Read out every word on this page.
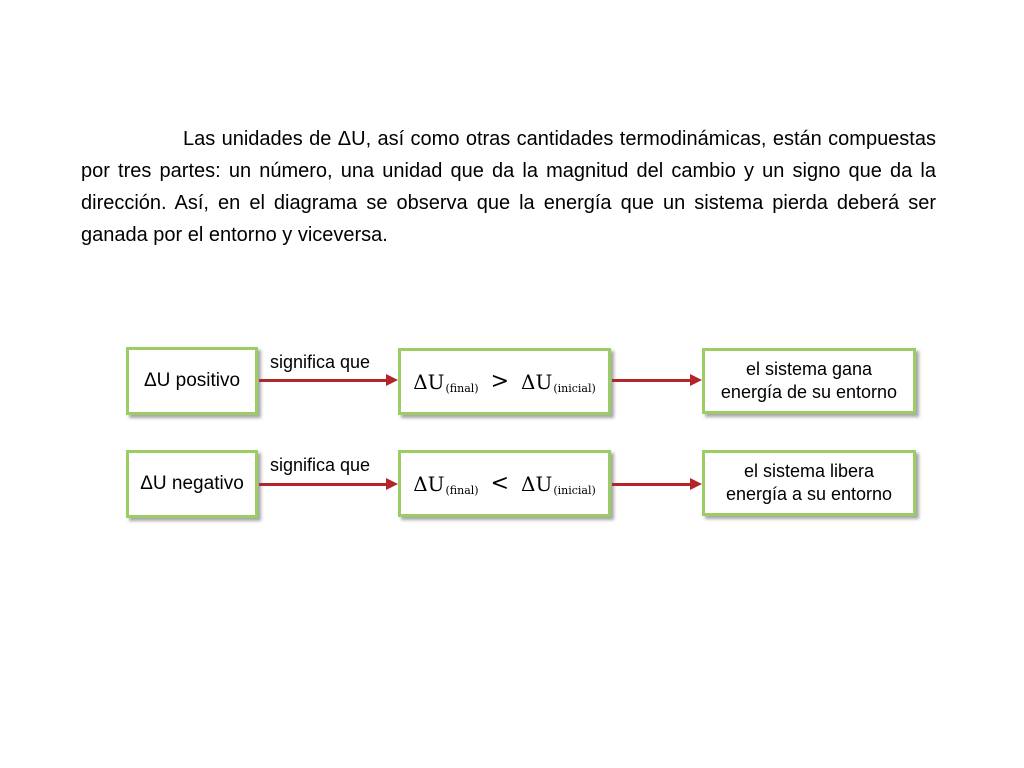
Las unidades de ΔU, así como otras cantidades termodinámicas, están compuestas por tres partes: un número, una unidad que da la magnitud del cambio y un signo que da la dirección. Así, en el diagrama se observa que la energía que un sistema pierda deberá ser ganada por el entorno y viceversa.

ΔU positivo
significa que
ΔU (final) > ΔU (inicial)
el sistema gana
energía de su entorno
ΔU negativo
significa que
ΔU (final) < ΔU (inicial)
el sistema libera
energía a su entorno
